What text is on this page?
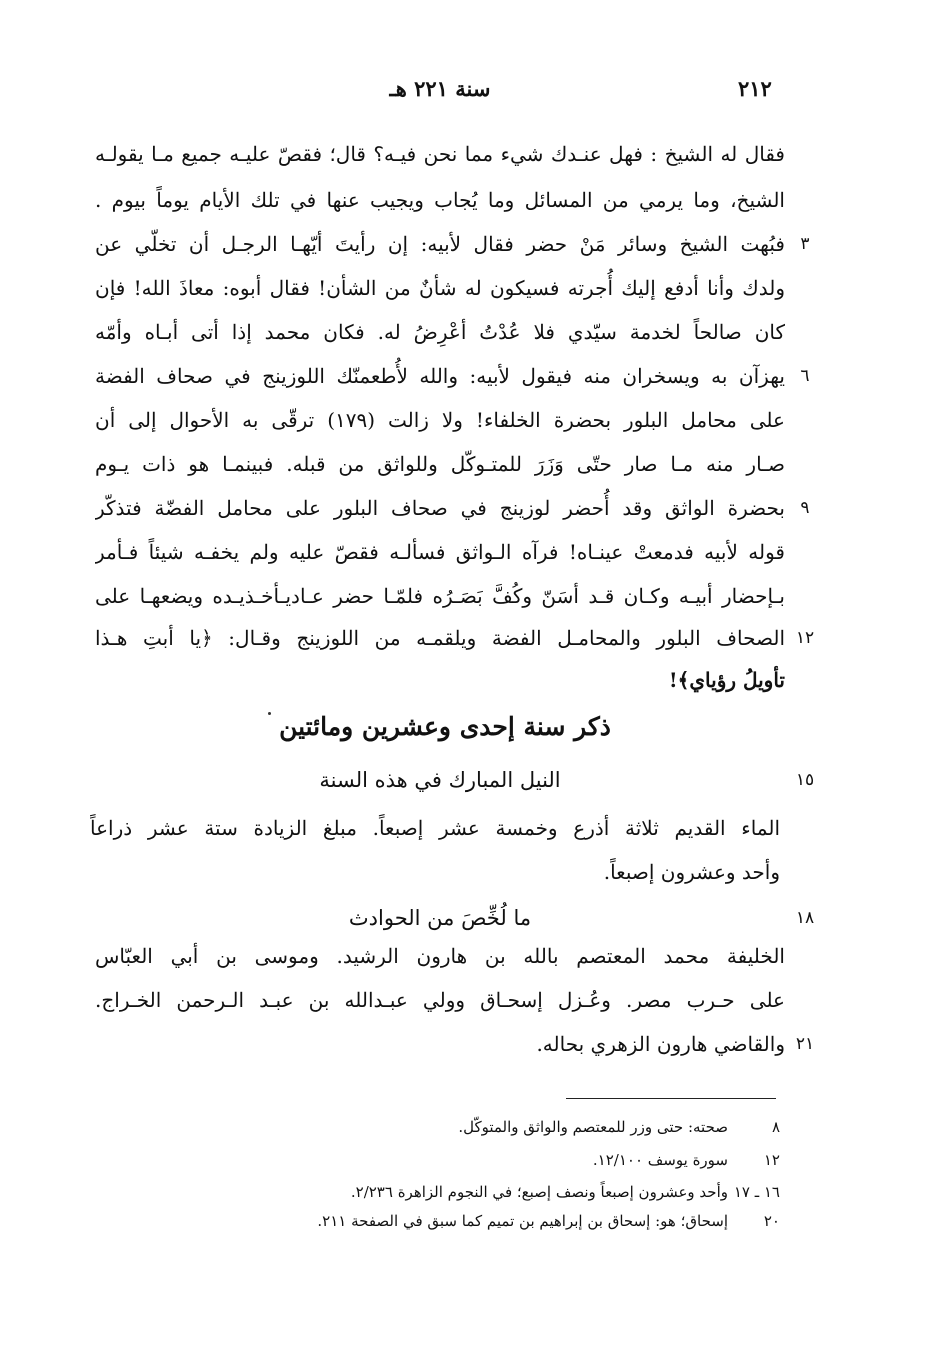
٢١٢
سنة ٢٢١ هـ
فقال له الشيخ : فهل عنـدك شيء مما نحن فيـه؟ قال؛ فقصّ عليـه جميع مـا يقولـه
الشيخ، وما يرمي من المسائل وما يُجاب ويجيب عنها في تلك الأيام يوماً بيوم .
فبُهت الشيخ وسائر مَنْ حضر فقال لأبيه: إن رأيتَ أيّهـا الرجـل أن تخلّي عن ٣
ولدك وأنا أدفع إليك أُجرته فسيكون له شأنٌ من الشأن! فقال أبوه: معاذَ الله! فإن
كان صالحاً لخدمة سيّدي فلا عُدْتُ أعْرِضُ له. فكان محمد إذا أتى أبـاه وأمّه
يهزآن به ويسخران منه فيقول لأبيه: والله لأُطعمنّك اللوزينج في صحاف الفضة ٦
على محامل البلور بحضرة الخلفاء! ولا زالت (١٧٩) ترقّى به الأحوال إلى أن
صـار منه مـا صار حتّى وَزَرَ للمتـوكّل وللواثق من قبله. فبينمـا هو ذات يـوم
بحضرة الواثق وقد أُحضر لوزينج في صحاف البلور على محامل الفضّة فتذكّر ٩
قوله لأبيه فدمعتْ عينـاه! فرآه الـواثق فسألـه فقصّ عليه ولم يخفـه شيئاً فـأمر
بـإحضار أبيـه وكـان قـد أسَنّ وكُفَّ بَصَـرُه فلمّـا حضر عـاديـأخـذيـده ويضعهـا على
الصحاف البلور والمحامـل الفضة ويلقمـه من اللوزينج وقـال: ﴿يا أبتِ هـذا ١٢
تأويلُ رؤياي﴾!
ذكر سنة إحدى وعشرين ومائتين
النيل المبارك في هذه السنة	١٥
الماء القديم ثلاثة أذرع وخمسة عشر إصبعاً. مبلغ الزيادة ستة عشر ذراعاً
وأحد وعشرون إصبعاً.
ما لُخِّصَ من الحوادث	١٨
الخليفة محمد المعتصم بالله بن هارون الرشيد. وموسى بن أبي العبّاس
على حـرب مصر. وعُـزل إسحـاق وولي عبـدالله بن عبـد الـرحمن الخـراج.
والقاضي هارون الزهري بحاله. ٢١
٨صحته: حتى وزر للمعتصم والواثق والمتوكّل.
١٢سورة يوسف ١٢/١٠٠.
١٦ ـ ١٧وأحد وعشرون إصبعاً ونصف إصبع؛ في النجوم الزاهرة ٢/٢٣٦.
٢٠إسحاق؛ هو: إسحاق بن إبراهيم بن تميم كما سبق في الصفحة ٢١١.
